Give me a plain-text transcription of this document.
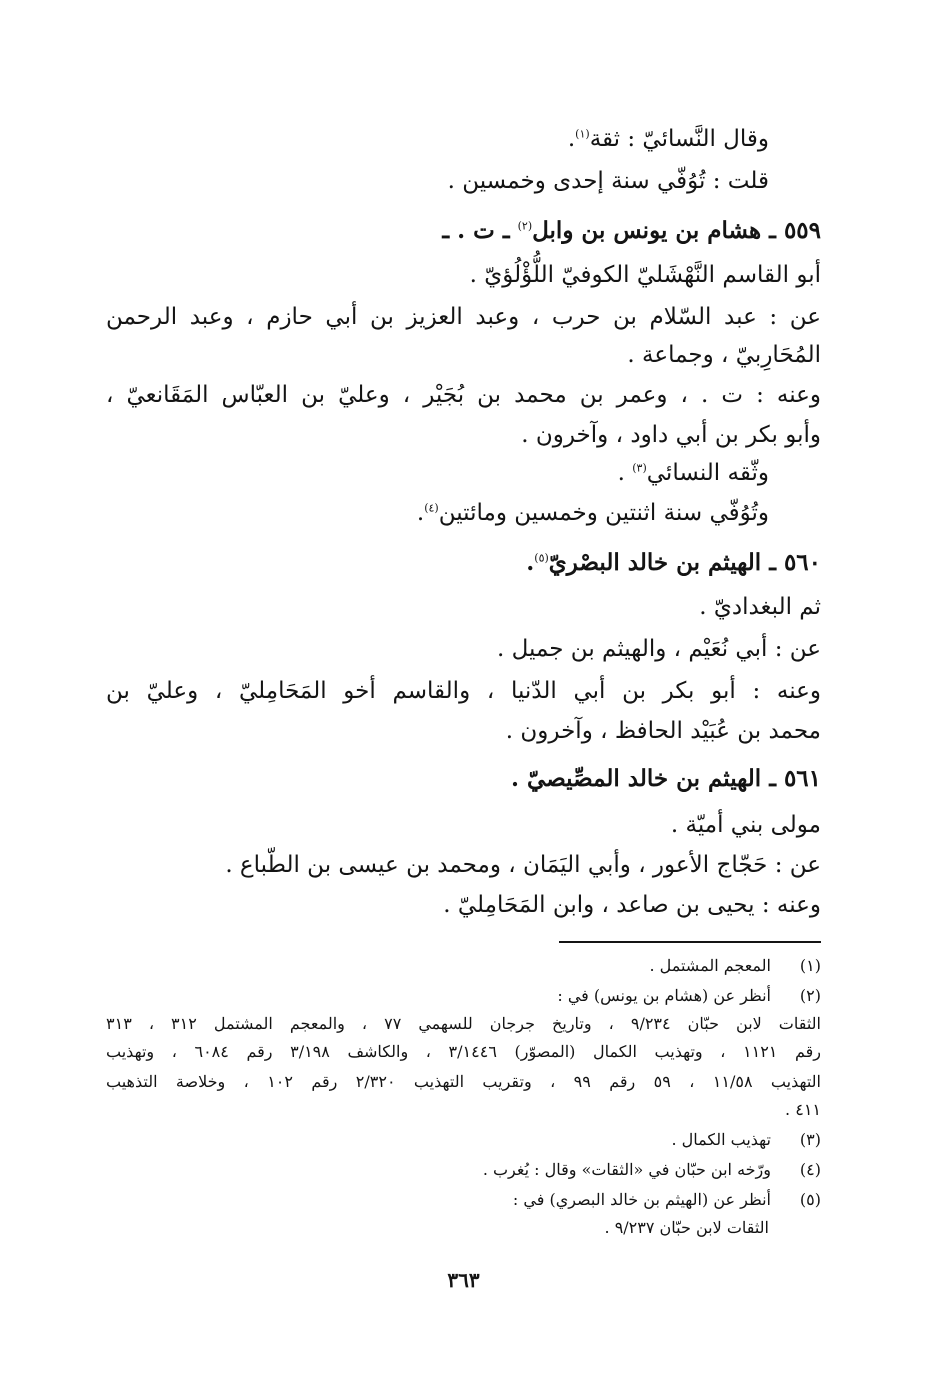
وقال النَّسائيّ : ثقة$^{(١)}$.
قلت : تُوُفّي سنة إحدى وخمسين .
٥٥٩ ـ هشام بن يونس بن وابل$^{(٢)}$ ـ ت . ـ
أبو القاسم النَّهْشَليّ الكوفيّ اللُّؤْلُؤيّ .
عن : عبد السّلام بن حرب ، وعبد العزيز بن أبي حازم ، وعبد الرحمن
المُحَارِبيّ ، وجماعة .
وعنه : ت . ، وعمر بن محمد بن بُجَيْر ، وعليّ بن العبّاس المَقَانعيّ ،
وأبو بكر بن أبي داود ، وآخرون .
وثّقه النسائي$^{(٣)}$ .
وتُوُفّي سنة اثنتين وخمسين ومائتين$^{(٤)}$.
٥٦٠ ـ الهيثم بن خالد البصْريّ$^{(٥)}$.
ثم البغداديّ .
عن : أبي نُعَيْم ، والهيثم بن جميل .
وعنه : أبو بكر بن أبي الدّنيا ، والقاسم أخو المَحَامِليّ ، وعليّ بن
محمد بن عُبَيْد الحافظ ، وآخرون .
٥٦١ ـ الهيثم بن خالد المصِّيصيّ .
مولى بني أميّة .
عن : حَجّاج الأعور ، وأبي اليَمَان ، ومحمد بن عيسى بن الطّباع .
وعنه : يحيى بن صاعد ، وابن المَحَامِليّ .
(١)المعجم المشتمل .
(٢)أنظر عن (هشام بن يونس) في :
الثقات لابن حبّان ٩/٢٣٤ ، وتاريخ جرجان للسهمي ٧٧ ، والمعجم المشتمل ٣١٢ ، ٣١٣
رقم ١١٢١ ، وتهذيب الكمال (المصوّر) ٣/١٤٤٦ ، والكاشف ٣/١٩٨ رقم ٦٠٨٤ ، وتهذيب
التهذيب ١١/٥٨ ، ٥٩ رقم ٩٩ ، وتقريب التهذيب ٢/٣٢٠ رقم ١٠٢ ، وخلاصة التذهيب
٤١١ .
(٣)تهذيب الكمال .
(٤)ورّخه ابن حبّان في «الثقات» وقال : يُغرب .
(٥)أنظر عن (الهيثم بن خالد البصري) في :
الثقات لابن حبّان ٩/٢٣٧ .
٣٦٣
